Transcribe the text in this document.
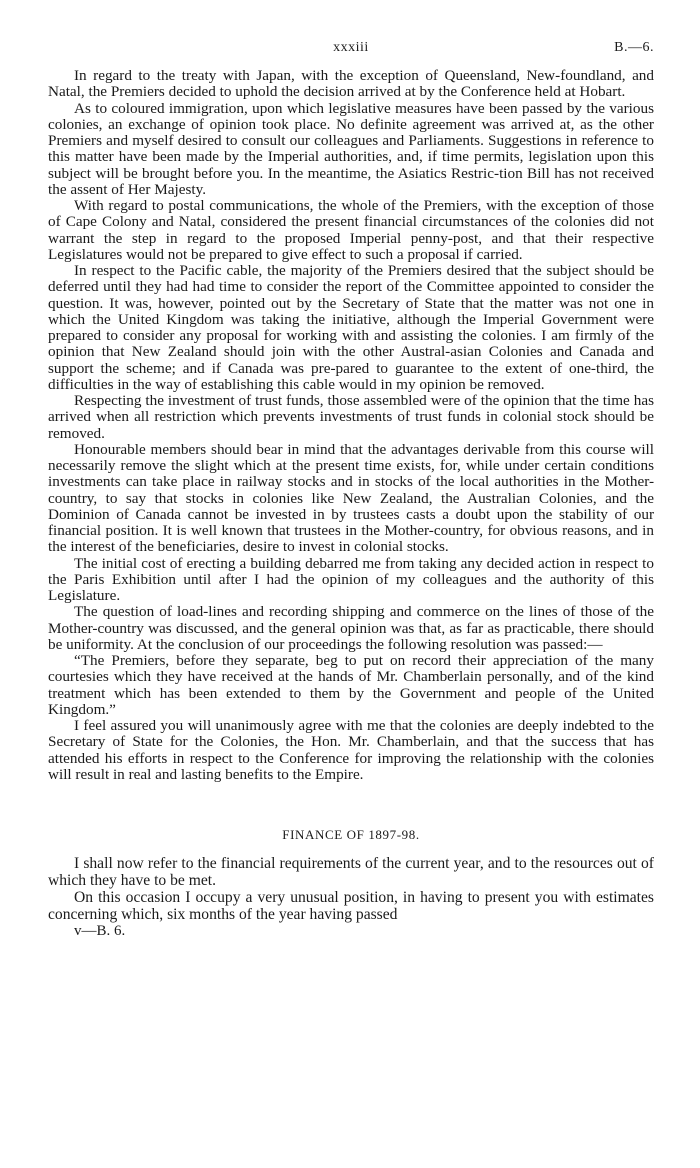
xxxiii	B.—6.

In regard to the treaty with Japan, with the exception of Queensland, New-foundland, and Natal, the Premiers decided to uphold the decision arrived at by the Conference held at Hobart.

As to coloured immigration, upon which legislative measures have been passed by the various colonies, an exchange of opinion took place. No definite agreement was arrived at, as the other Premiers and myself desired to consult our colleagues and Parliaments. Suggestions in reference to this matter have been made by the Imperial authorities, and, if time permits, legislation upon this subject will be brought before you. In the meantime, the Asiatics Restric-tion Bill has not received the assent of Her Majesty.

With regard to postal communications, the whole of the Premiers, with the exception of those of Cape Colony and Natal, considered the present financial circumstances of the colonies did not warrant the step in regard to the proposed Imperial penny-post, and that their respective Legislatures would not be prepared to give effect to such a proposal if carried.

In respect to the Pacific cable, the majority of the Premiers desired that the subject should be deferred until they had had time to consider the report of the Committee appointed to consider the question. It was, however, pointed out by the Secretary of State that the matter was not one in which the United Kingdom was taking the initiative, although the Imperial Government were prepared to consider any proposal for working with and assisting the colonies. I am firmly of the opinion that New Zealand should join with the other Austral-asian Colonies and Canada and support the scheme; and if Canada was pre-pared to guarantee to the extent of one-third, the difficulties in the way of establishing this cable would in my opinion be removed.

Respecting the investment of trust funds, those assembled were of the opinion that the time has arrived when all restriction which prevents investments of trust funds in colonial stock should be removed.

Honourable members should bear in mind that the advantages derivable from this course will necessarily remove the slight which at the present time exists, for, while under certain conditions investments can take place in railway stocks and in stocks of the local authorities in the Mother-country, to say that stocks in colonies like New Zealand, the Australian Colonies, and the Dominion of Canada cannot be invested in by trustees casts a doubt upon the stability of our financial position. It is well known that trustees in the Mother-country, for obvious reasons, and in the interest of the beneficiaries, desire to invest in colonial stocks.

The initial cost of erecting a building debarred me from taking any decided action in respect to the Paris Exhibition until after I had the opinion of my colleagues and the authority of this Legislature.

The question of load-lines and recording shipping and commerce on the lines of those of the Mother-country was discussed, and the general opinion was that, as far as practicable, there should be uniformity. At the conclusion of our proceedings the following resolution was passed:—

“The Premiers, before they separate, beg to put on record their appreciation of the many courtesies which they have received at the hands of Mr. Chamberlain personally, and of the kind treatment which has been extended to them by the Government and people of the United Kingdom.”

I feel assured you will unanimously agree with me that the colonies are deeply indebted to the Secretary of State for the Colonies, the Hon. Mr. Chamberlain, and that the success that has attended his efforts in respect to the Conference for improving the relationship with the colonies will result in real and lasting benefits to the Empire.

FINANCE OF 1897-98.

I shall now refer to the financial requirements of the current year, and to the resources out of which they have to be met.

On this occasion I occupy a very unusual position, in having to present you with estimates concerning which, six months of the year having passed

v—B. 6.
